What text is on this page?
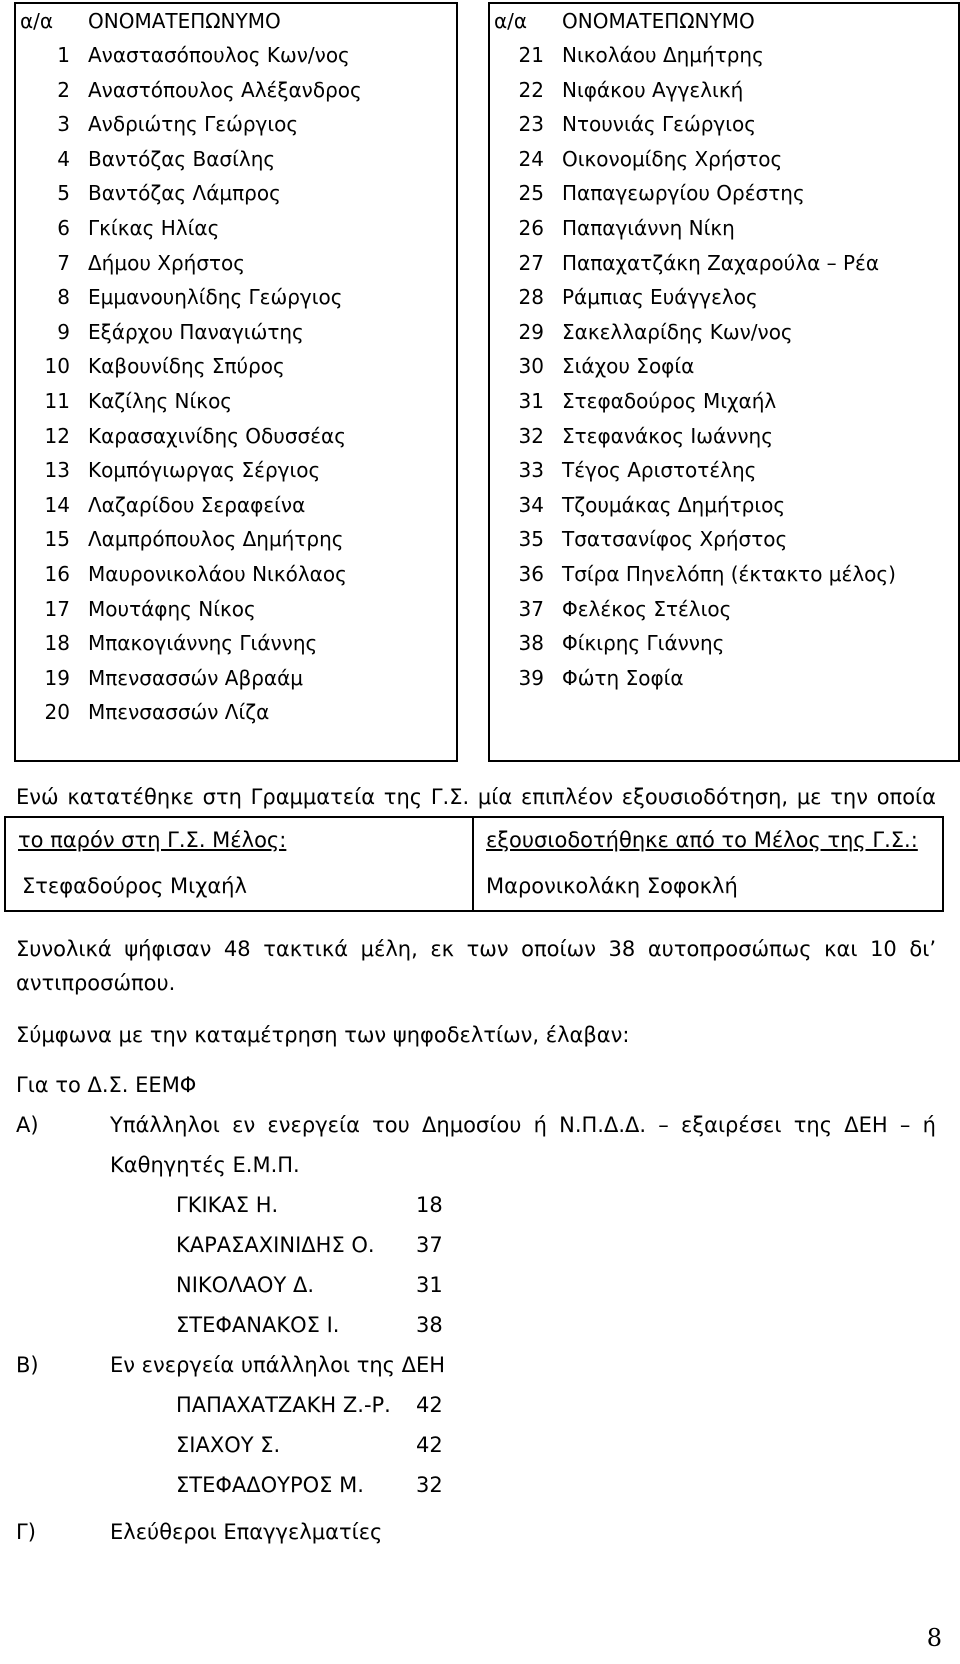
α/α	ΟΝΟΜΑΤΕΠΩΝΥΜΟ
1 Αναστασόπουλος Κων/νος
2 Αναστόπουλος Αλέξανδρος
3 Ανδριώτης Γεώργιος
4 Βαντόζας Βασίλης
5 Βαντόζας Λάμπρος
6 Γκίκας Ηλίας
7 Δήμου Χρήστος
8 Εμμανουηλίδης Γεώργιος
9 Εξάρχου Παναγιώτης
10 Καβουνίδης Σπύρος
11 Καζίλης Νίκος
12 Καρασαχινίδης Οδυσσέας
13 Κομπόγιωργας Σέργιος
14 Λαζαρίδου Σεραφείνα
15 Λαμπρόπουλος Δημήτρης
16 Μαυρονικολάου Νικόλαος
17 Μουτάφης Νίκος
18 Μπακογιάννης Γιάννης
19 Μπενσασσών Αβραάμ
20 Μπενσασσών Λίζα
α/α	ΟΝΟΜΑΤΕΠΩΝΥΜΟ
21 Νικολάου Δημήτρης
22 Νιφάκου Αγγελική
23 Ντουνιάς Γεώργιος
24 Οικονομίδης Χρήστος
25 Παπαγεωργίου Ορέστης
26 Παπαγιάννη Νίκη
27 Παπαχατζάκη Ζαχαρούλα – Ρέα
28 Ράμπιας Ευάγγελος
29 Σακελλαρίδης Κων/νος
30 Σιάχου Σοφία
31 Στεφαδούρος Μιχαήλ
32 Στεφανάκος Ιωάννης
33 Τέγος Αριστοτέλης
34 Τζουμάκας Δημήτριος
35 Τσατσανίφος Χρήστος
36 Τσίρα Πηνελόπη (έκτακτο μέλος)
37 Φελέκος Στέλιος
38 Φίκιρης Γιάννης
39 Φώτη Σοφία
Ενώ κατατέθηκε στη Γραμματεία της Γ.Σ. μία επιπλέον εξουσιοδότηση, με την οποία
το παρόν στη Γ.Σ. Μέλος:
Στεφαδούρος Μιχαήλ
εξουσιοδοτήθηκε από το Μέλος της Γ.Σ.:
Μαρονικολάκη Σοφοκλή
Συνολικά ψήφισαν 48 τακτικά μέλη, εκ των οποίων 38 αυτοπροσώπως και 10 δι’
αντιπροσώπου.
Σύμφωνα με την καταμέτρηση των ψηφοδελτίων, έλαβαν:
Για το Δ.Σ. ΕΕΜΦ
Α)	Υπάλληλοι εν ενεργεία του Δημοσίου ή Ν.Π.Δ.Δ. – εξαιρέσει της ΔΕΗ – ή
Καθηγητές Ε.Μ.Π.
ΓΚΙΚΑΣ Η.	18
ΚΑΡΑΣΑΧΙΝΙΔΗΣ Ο. 37
ΝΙΚΟΛΑΟΥ Δ.	31
ΣΤΕΦΑΝΑΚΟΣ Ι.	38
Β)	Εν ενεργεία υπάλληλοι της ΔΕΗ
ΠΑΠΑΧΑΤΖΑΚΗ Ζ.-Ρ. 42
ΣΙΑΧΟΥ Σ.	42
ΣΤΕΦΑΔΟΥΡΟΣ Μ. 32
Γ)	Ελεύθεροι Επαγγελματίες
8
